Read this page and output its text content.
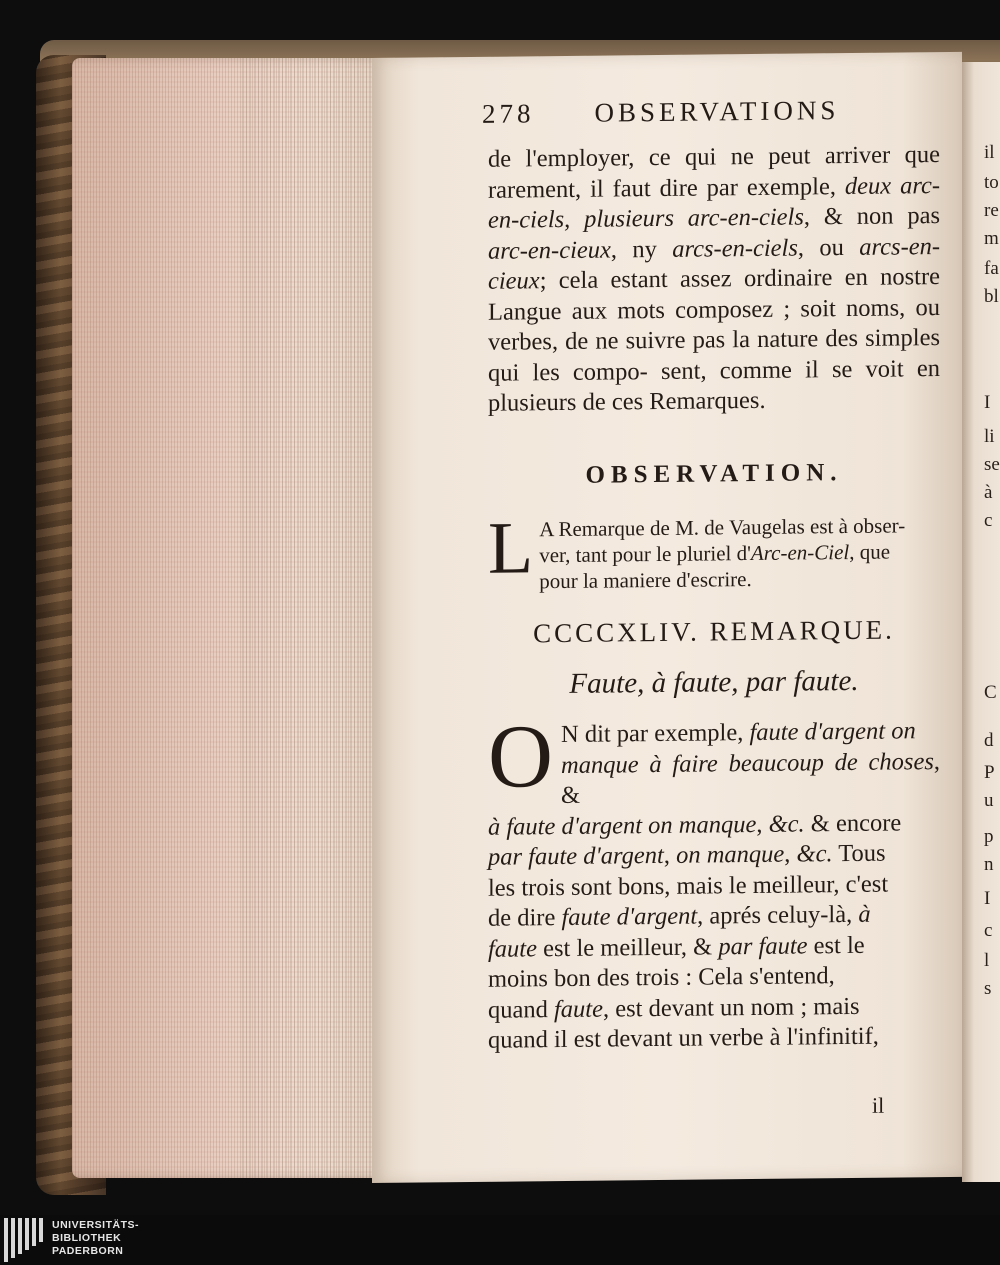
il
to
re
m
fa
bl
I
li
se
à
c
C
d
P
u
p
n
I
c
l
s
278 OBSERVATIONS
de l'employer, ce qui ne peut arriver que rarement, il faut dire par exemple, deux arc-en-ciels, plusieurs arc-en-ciels, & non pas arc-en-cieux, ny arcs-en-ciels, ou arcs-en-cieux; cela estant assez ordinaire en nostre Langue aux mots composez ; soit noms, ou verbes, de ne suivre pas la nature des simples qui les compo- sent, comme il se voit en plusieurs de ces Remarques.
OBSERVATION.
L A Remarque de M. de Vaugelas est à obser-
ver, tant pour le pluriel d'Arc-en-Ciel, que
pour la maniere d'escrire.
CCCCXLIV. REMARQUE.
Faute, à faute, par faute.
O N dit par exemple, faute d'argent on
manque à faire beaucoup de choses, &
à faute d'argent on manque, &c. & encore
par faute d'argent, on manque, &c. Tous
les trois sont bons, mais le meilleur, c'est
de dire faute d'argent, aprés celuy-là, à
faute est le meilleur, & par faute est le
moins bon des trois : Cela s'entend,
quand faute, est devant un nom ; mais
quand il est devant un verbe à l'infinitif,
il
UNIVERSITÄTS-
BIBLIOTHEK
PADERBORN
